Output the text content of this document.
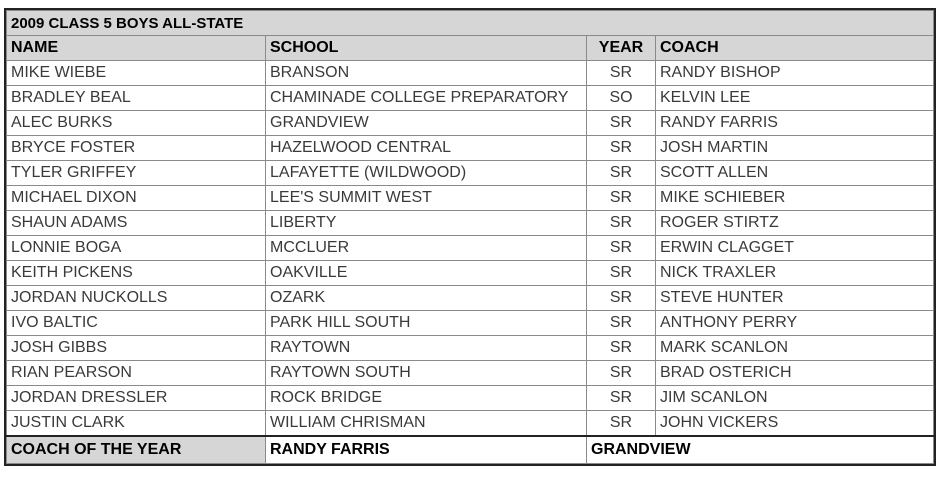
2009 CLASS 5 BOYS ALL-STATE			
NAME	SCHOOL	YEAR	COACH
MIKE WIEBE	BRANSON	SR	RANDY BISHOP
BRADLEY BEAL	CHAMINADE COLLEGE PREPARATORY	SO	KELVIN LEE
ALEC BURKS	GRANDVIEW	SR	RANDY FARRIS
BRYCE FOSTER	HAZELWOOD CENTRAL	SR	JOSH MARTIN
TYLER GRIFFEY	LAFAYETTE (WILDWOOD)	SR	SCOTT ALLEN
MICHAEL DIXON	LEE'S SUMMIT WEST	SR	MIKE SCHIEBER
SHAUN ADAMS	LIBERTY	SR	ROGER STIRTZ
LONNIE BOGA	MCCLUER	SR	ERWIN CLAGGET
KEITH PICKENS	OAKVILLE	SR	NICK TRAXLER
JORDAN NUCKOLLS	OZARK	SR	STEVE HUNTER
IVO BALTIC	PARK HILL SOUTH	SR	ANTHONY PERRY
JOSH GIBBS	RAYTOWN	SR	MARK SCANLON
RIAN PEARSON	RAYTOWN SOUTH	SR	BRAD OSTERICH
JORDAN DRESSLER	ROCK BRIDGE	SR	JIM SCANLON
JUSTIN CLARK	WILLIAM CHRISMAN	SR	JOHN VICKERS
COACH OF THE YEAR	RANDY FARRIS	GRANDVIEW	
